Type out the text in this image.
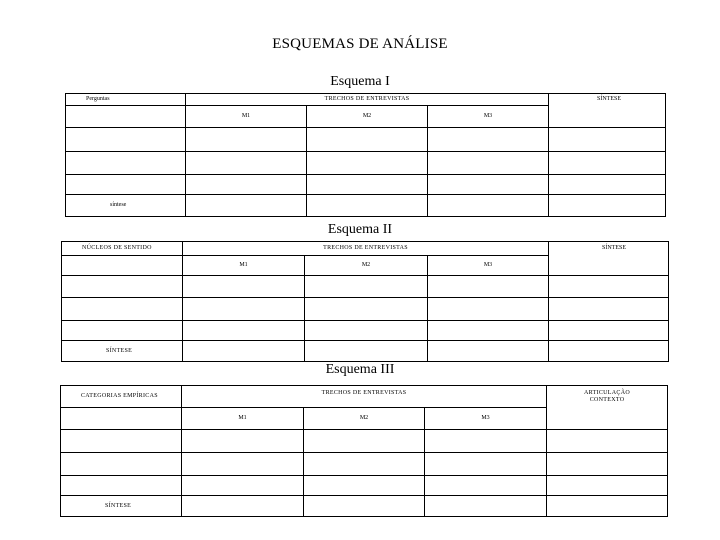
ESQUEMAS DE ANÁLISE
Esquema I
Perguntas	TRECHOS DE ENTREVISTAS			SÍNTESE
	M1	M2	M3	

síntese				
Esquema II
NÚCLEOS DE SENTIDO	TRECHOS DE ENTREVISTAS			SÍNTESE
	M1	M2	M3	

SÍNTESE				
Esquema III
CATEGORIAS EMPÍRICAS	TRECHOS DE ENTREVISTAS			ARTICULAÇÃO CONTEXTO
	M1	M2	M3	

SÍNTESE				
